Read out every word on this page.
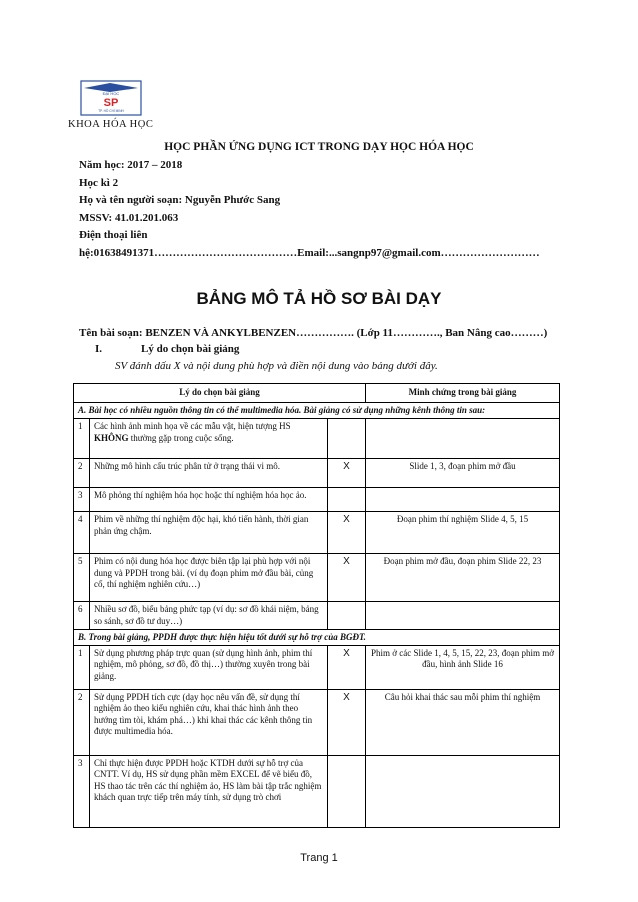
ĐẠI HỌC
SP
TP. HỒ CHÍ MINH
KHOA HÓA HỌC
HỌC PHẦN ỨNG DỤNG ICT TRONG DẠY HỌC HÓA HỌC
Năm học: 2017 – 2018
Học kì 2
Họ và tên người soạn: Nguyễn Phước Sang
MSSV: 41.01.201.063
Điện thoại liên
hệ:01638491371…………………………………Email:...sangnp97@gmail.com………………………
BẢNG MÔ TẢ HỒ SƠ BÀI DẠY
Tên bài soạn: BENZEN VÀ ANKYLBENZEN……………. (Lớp 11…………., Ban Nâng cao………)
I.	Lý do chọn bài giảng
SV đánh dấu X và nội dung phù hợp và điền nội dung vào bảng dưới đây.
Lý do chọn bài giảng			Minh chứng trong bài giảng
A. Bài học có nhiều nguồn thông tin có thể multimedia hóa. Bài giảng có sử dụng những kênh thông tin sau:			
1	Các hình ảnh minh họa về các mẫu vật, hiện tượng HS KHÔNG thường gặp trong cuộc sống.		
2	Những mô hình cấu trúc phân tử ở trạng thái vi mô.	X	Slide 1, 3, đoạn phim mở đầu
3	Mô phỏng thí nghiệm hóa học hoặc thí nghiệm hóa học ảo.		
4	Phim về những thí nghiệm độc hại, khó tiến hành, thời gian phản ứng chậm.	X	Đoạn phim thí nghiệm Slide 4, 5, 15
5	Phim có nội dung hóa học được biên tập lại phù hợp với nội dung và PPDH trong bài. (ví dụ đoạn phim mở đầu bài, củng cố, thí nghiệm nghiên cứu…)	X	Đoạn phim mở đầu, đoạn phim Slide 22, 23
6	Nhiều sơ đồ, biểu bảng phức tạp (ví dụ: sơ đồ khái niệm, bảng so sánh, sơ đồ tư duy…)		
B. Trong bài giảng, PPDH được thực hiện hiệu tốt dưới sự hỗ trợ của BGĐT.			
1	Sử dụng phương pháp trực quan (sử dụng hình ảnh, phim thí nghiệm, mô phỏng, sơ đồ, đồ thị…) thường xuyên trong bài giảng.	X	Phim ở các Slide 1, 4, 5, 15, 22, 23, đoạn phim mở đầu, hình ảnh Slide 16
2	Sử dụng PPDH tích cực (dạy học nêu vấn đề, sử dụng thí nghiệm ảo theo kiểu nghiên cứu, khai thác hình ảnh theo hướng tìm tòi, khám phá…) khi khai thác các kênh thông tin được multimedia hóa.	X	Câu hỏi khai thác sau mỗi phim thí nghiệm
3	Chỉ thực hiện được PPDH hoặc KTDH dưới sự hỗ trợ của CNTT. Ví dụ, HS sử dụng phần mềm EXCEL để vẽ biểu đồ, HS thao tác trên các thí nghiệm ảo, HS làm bài tập trắc nghiệm khách quan trực tiếp trên máy tính, sử dụng trò chơi		
Trang 1
